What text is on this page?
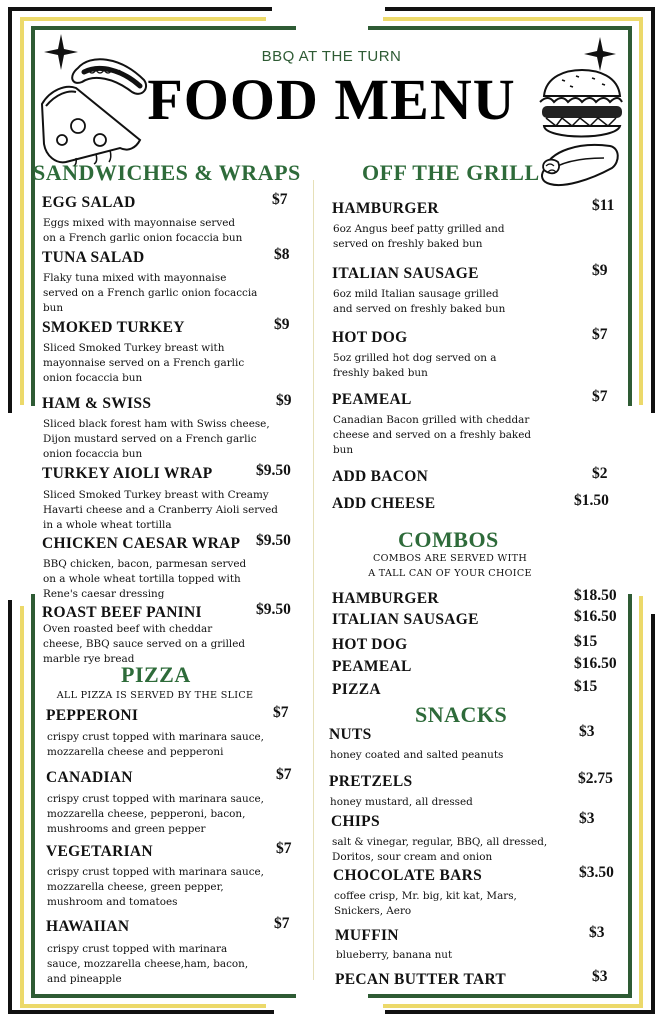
BBQ AT THE TURN
FOOD MENU
SANDWICHES & WRAPS	OFF THE GRILL
PIZZA
ALL PIZZA IS SERVED BY THE SLICE
COMBOS
COMBOS ARE SERVED WITH
A TALL CAN OF YOUR CHOICE
SNACKS
EGG SALAD	$7
Eggs mixed with mayonnaise served
on a French garlic onion focaccia bun
TUNA SALAD	$8
Flaky tuna mixed with mayonnaise
served on a French garlic onion focaccia
bun
SMOKED TURKEY	$9
Sliced Smoked Turkey breast with
mayonnaise served on a French garlic
onion focaccia bun
HAM & SWISS	$9
Sliced black forest ham with Swiss cheese,
Dijon mustard served on a French garlic
onion focaccia bun
TURKEY AIOLI WRAP	$9.50
Sliced Smoked Turkey breast with Creamy
Havarti cheese and a Cranberry Aioli served
in a whole wheat tortilla
CHICKEN CAESAR WRAP $9.50
BBQ chicken, bacon, parmesan served
on a whole wheat tortilla topped with
Rene's caesar dressing
ROAST BEEF PANINI	$9.50
Oven roasted beef with cheddar
cheese, BBQ sauce served on a grilled
marble rye bread
PEPPERONI	$7
crispy crust topped with marinara sauce,
mozzarella cheese and pepperoni
CANADIAN	$7
crispy crust topped with marinara sauce,
mozzarella cheese, pepperoni, bacon,
mushrooms and green pepper
VEGETARIAN	$7
crispy crust topped with marinara sauce,
mozzarella cheese, green pepper,
mushroom and tomatoes
HAWAIIAN	$7
crispy crust topped with marinara
sauce, mozzarella cheese,ham, bacon,
and pineapple
HAMBURGER	$11
6oz Angus beef patty grilled and
served on freshly baked bun
ITALIAN SAUSAGE	$9
6oz mild Italian sausage grilled
and served on freshly baked bun
HOT DOG	$7
5oz grilled hot dog served on a
freshly baked bun
PEAMEAL	$7
Canadian Bacon grilled with cheddar
cheese and served on a freshly baked
bun
ADD BACON	$2
ADD CHEESE	$1.50
HAMBURGER	$18.50
ITALIAN SAUSAGE	$16.50
HOT DOG	$15
PEAMEAL	$16.50
PIZZA	$15
NUTS	$3
honey coated and salted peanuts
PRETZELS	$2.75
honey mustard, all dressed
CHIPS	$3
salt & vinegar, regular, BBQ, all dressed,
Doritos, sour cream and onion
CHOCOLATE BARS	$3.50
coffee crisp, Mr. big, kit kat, Mars,
Snickers, Aero
MUFFIN	$3
blueberry, banana nut
PECAN BUTTER TART	$3
